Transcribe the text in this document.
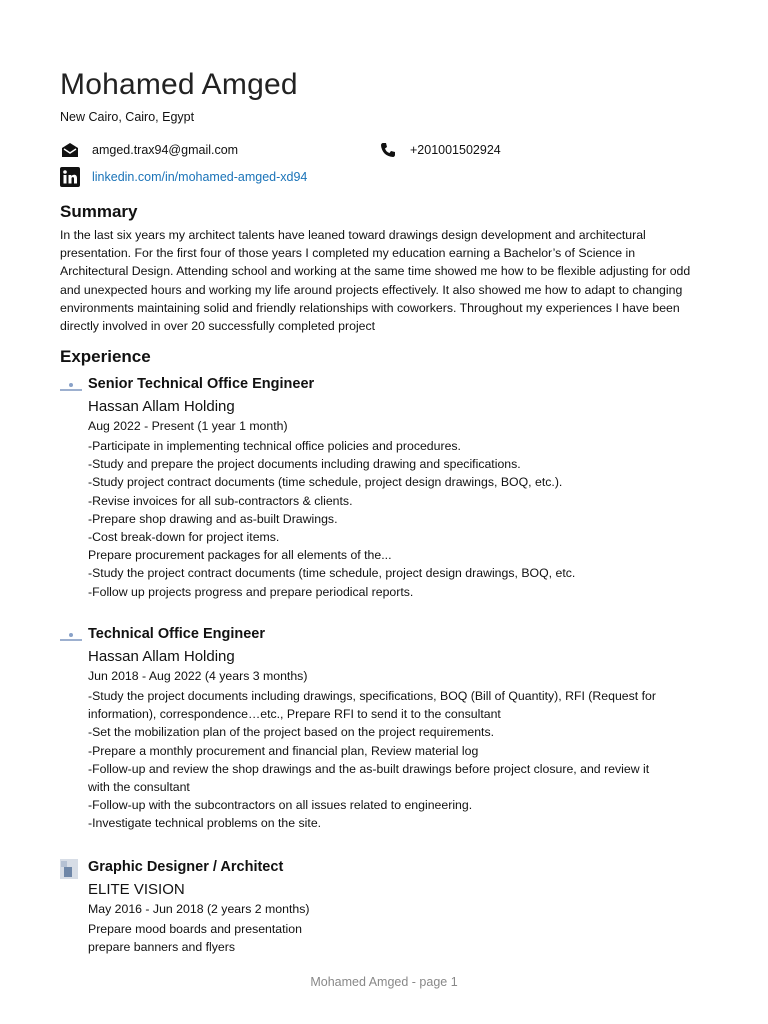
Mohamed Amged
New Cairo, Cairo, Egypt
amged.trax94@gmail.com	+201001502924
linkedin.com/in/mohamed-amged-xd94
Summary
In the last six years my architect talents have leaned toward drawings design development and architectural presentation. For the first four of those years I completed my education earning a Bachelor’s of Science in Architectural Design. Attending school and working at the same time showed me how to be flexible adjusting for odd and unexpected hours and working my life around projects effectively. It also showed me how to adapt to changing environments maintaining solid and friendly relationships with coworkers. Throughout my experiences I have been directly involved in over 20 successfully completed project
Experience
Senior Technical Office Engineer
Hassan Allam Holding
Aug 2022 - Present (1 year 1 month)
-Participate in implementing technical office policies and procedures.
-Study and prepare the project documents including drawing and specifications.
-Study project contract documents (time schedule, project design drawings, BOQ, etc.).
-Revise invoices for all sub-contractors & clients.
-Prepare shop drawing and as-built Drawings.
-Cost break-down for project items.
Prepare procurement packages for all elements of the...
-Study the project contract documents (time schedule, project design drawings, BOQ, etc.
-Follow up projects progress and prepare periodical reports.
Technical Office Engineer
Hassan Allam Holding
Jun 2018 - Aug 2022 (4 years 3 months)
-Study the project documents including drawings, specifications, BOQ (Bill of Quantity), RFI (Request for information), correspondence…etc., Prepare RFI to send it to the consultant
-Set the mobilization plan of the project based on the project requirements.
-Prepare a monthly procurement and financial plan, Review material log
-Follow-up and review the shop drawings and the as-built drawings before project closure, and review it with the consultant
-Follow-up with the subcontractors on all issues related to engineering.
-Investigate technical problems on the site.
Graphic Designer / Architect
ELITE VISION
May 2016 - Jun 2018 (2 years 2 months)
Prepare mood boards and presentation
prepare banners and flyers
Mohamed Amged - page 1
